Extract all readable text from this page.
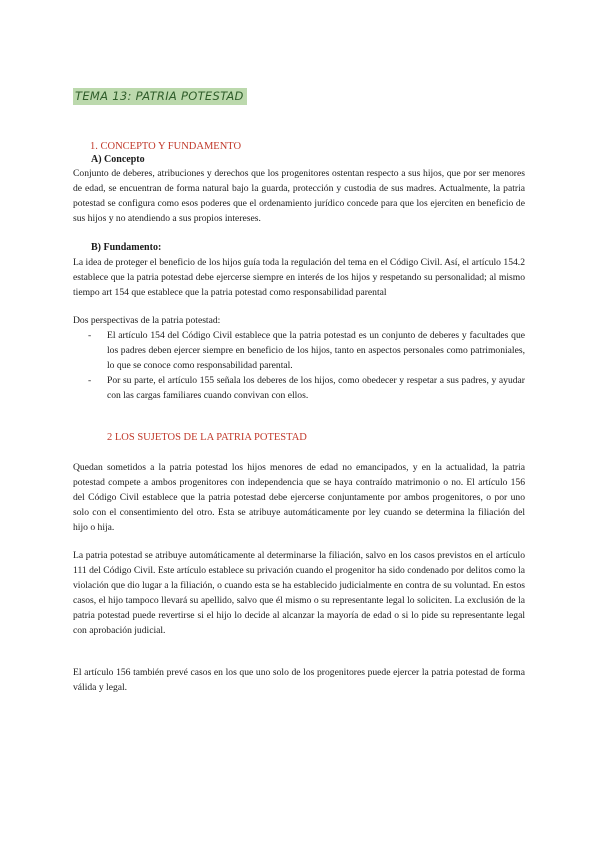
TEMA 13: PATRIA POTESTAD
1. CONCEPTO Y FUNDAMENTO
A) Concepto

Conjunto de deberes, atribuciones y derechos que los progenitores ostentan respecto a sus hijos, que por ser menores de edad, se encuentran de forma natural bajo la guarda, protección y custodia de sus madres. Actualmente, la patria potestad se configura como esos poderes que el ordenamiento jurídico concede para que los ejerciten en beneficio de sus hijos y no atendiendo a sus propios intereses.

B) Fundamento:

La idea de proteger el beneficio de los hijos guía toda la regulación del tema en el Código Civil. Así, el artículo 154.2 establece que la patria potestad debe ejercerse siempre en interés de los hijos y respetando su personalidad; al mismo tiempo art 154 que establece que la patria potestad como responsabilidad parental

Dos perspectivas de la patria potestad:

- El artículo 154 del Código Civil establece que la patria potestad es un conjunto de deberes y facultades que los padres deben ejercer siempre en beneficio de los hijos, tanto en aspectos personales como patrimoniales, lo que se conoce como responsabilidad parental.
- Por su parte, el artículo 155 señala los deberes de los hijos, como obedecer y respetar a sus padres, y ayudar con las cargas familiares cuando convivan con ellos.
2 LOS SUJETOS DE LA PATRIA POTESTAD

Quedan sometidos a la patria potestad los hijos menores de edad no emancipados, y en la actualidad, la patria potestad compete a ambos progenitores con independencia que se haya contraído matrimonio o no. El artículo 156 del Código Civil establece que la patria potestad debe ejercerse conjuntamente por ambos progenitores, o por uno solo con el consentimiento del otro. Esta se atribuye automáticamente por ley cuando se determina la filiación del hijo o hija.

La patria potestad se atribuye automáticamente al determinarse la filiación, salvo en los casos previstos en el artículo 111 del Código Civil. Este artículo establece su privación cuando el progenitor ha sido condenado por delitos como la violación que dio lugar a la filiación, o cuando esta se ha establecido judicialmente en contra de su voluntad. En estos casos, el hijo tampoco llevará su apellido, salvo que él mismo o su representante legal lo soliciten. La exclusión de la patria potestad puede revertirse si el hijo lo decide al alcanzar la mayoría de edad o si lo pide su representante legal con aprobación judicial.

El artículo 156 también prevé casos en los que uno solo de los progenitores puede ejercer la patria potestad de forma válida y legal.
